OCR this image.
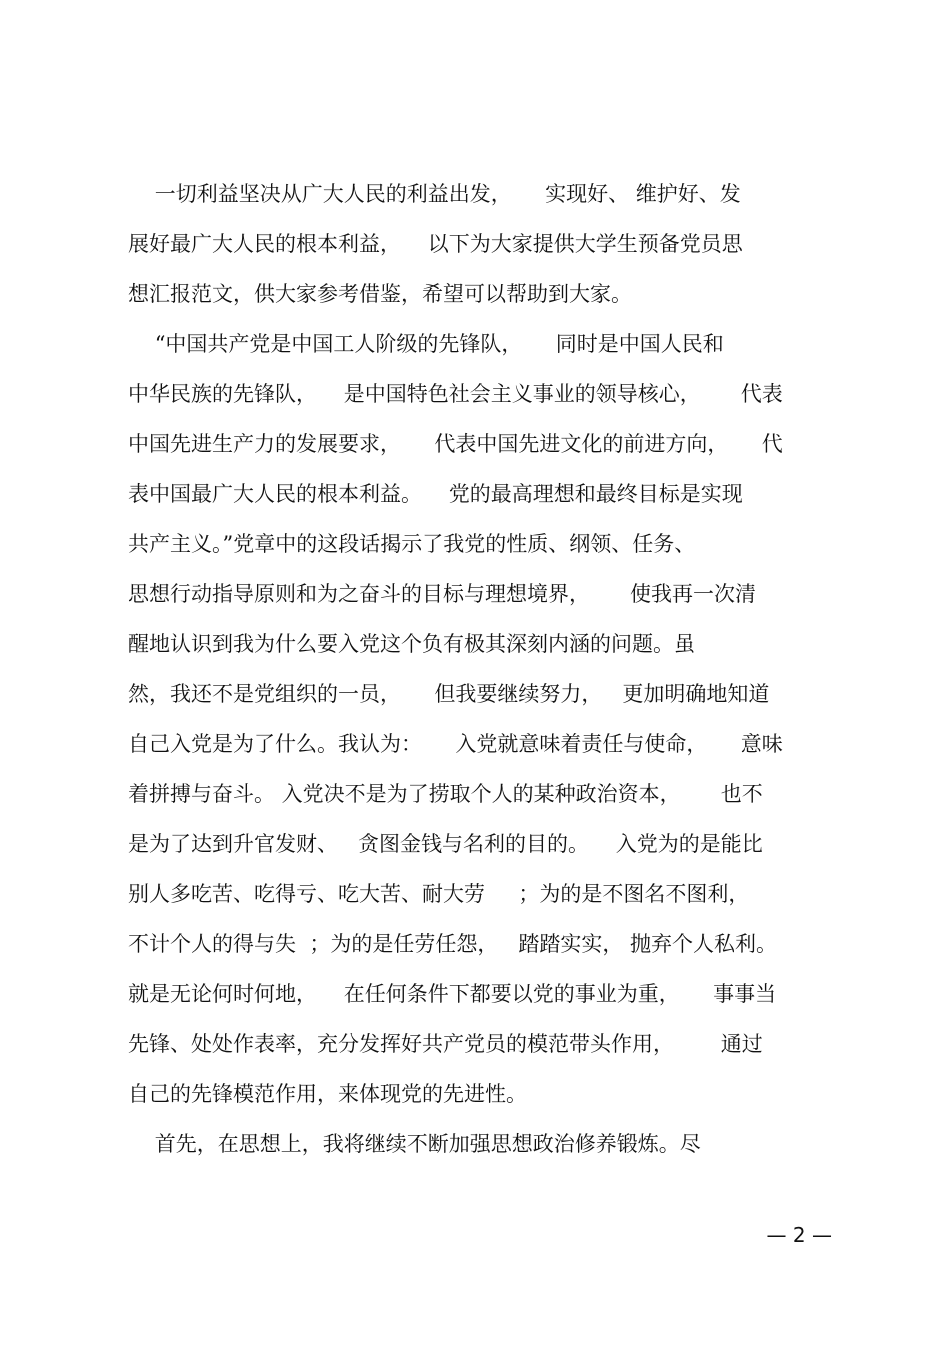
一切利益坚决从广大人民的利益出发，     实现好、 维护好、发
展好最广大人民的根本利益，    以下为大家提供大学生预备党员思
想汇报范文，供大家参考借鉴，希望可以帮助到大家。
“中国共产党是中国工人阶级的先锋队，     同时是中国人民和
中华民族的先锋队，    是中国特色社会主义事业的领导核心，      代表
中国先进生产力的发展要求，     代表中国先进文化的前进方向，     代
表中国最广大人民的根本利益。    党的最高理想和最终目标是实现
共产主义。”党章中的这段话揭示了我党的性质、纲领、任务、
思想行动指导原则和为之奋斗的目标与理想境界，      使我再一次清
醒地认识到我为什么要入党这个负有极其深刻内涵的问题。虽
然，我还不是党组织的一员，     但我要继续努力，   更加明确地知道
自己入党是为了什么。我认为：     入党就意味着责任与使命，     意味
着拼搏与奋斗。 入党决不是为了捞取个人的某种政治资本，      也不
是为了达到升官发财、   贪图金钱与名利的目的。    入党为的是能比
别人多吃苦、吃得亏、吃大苦、耐大劳     ；为的是不图名不图利，
不计个人的得与失  ；为的是任劳任怨，   踏踏实实， 抛弃个人私利。
就是无论何时何地，    在任何条件下都要以党的事业为重，     事事当
先锋、处处作表率，充分发挥好共产党员的模范带头作用，       通过
自己的先锋模范作用，来体现党的先进性。
首先，在思想上，我将继续不断加强思想政治修养锻炼。尽
— 2 —
